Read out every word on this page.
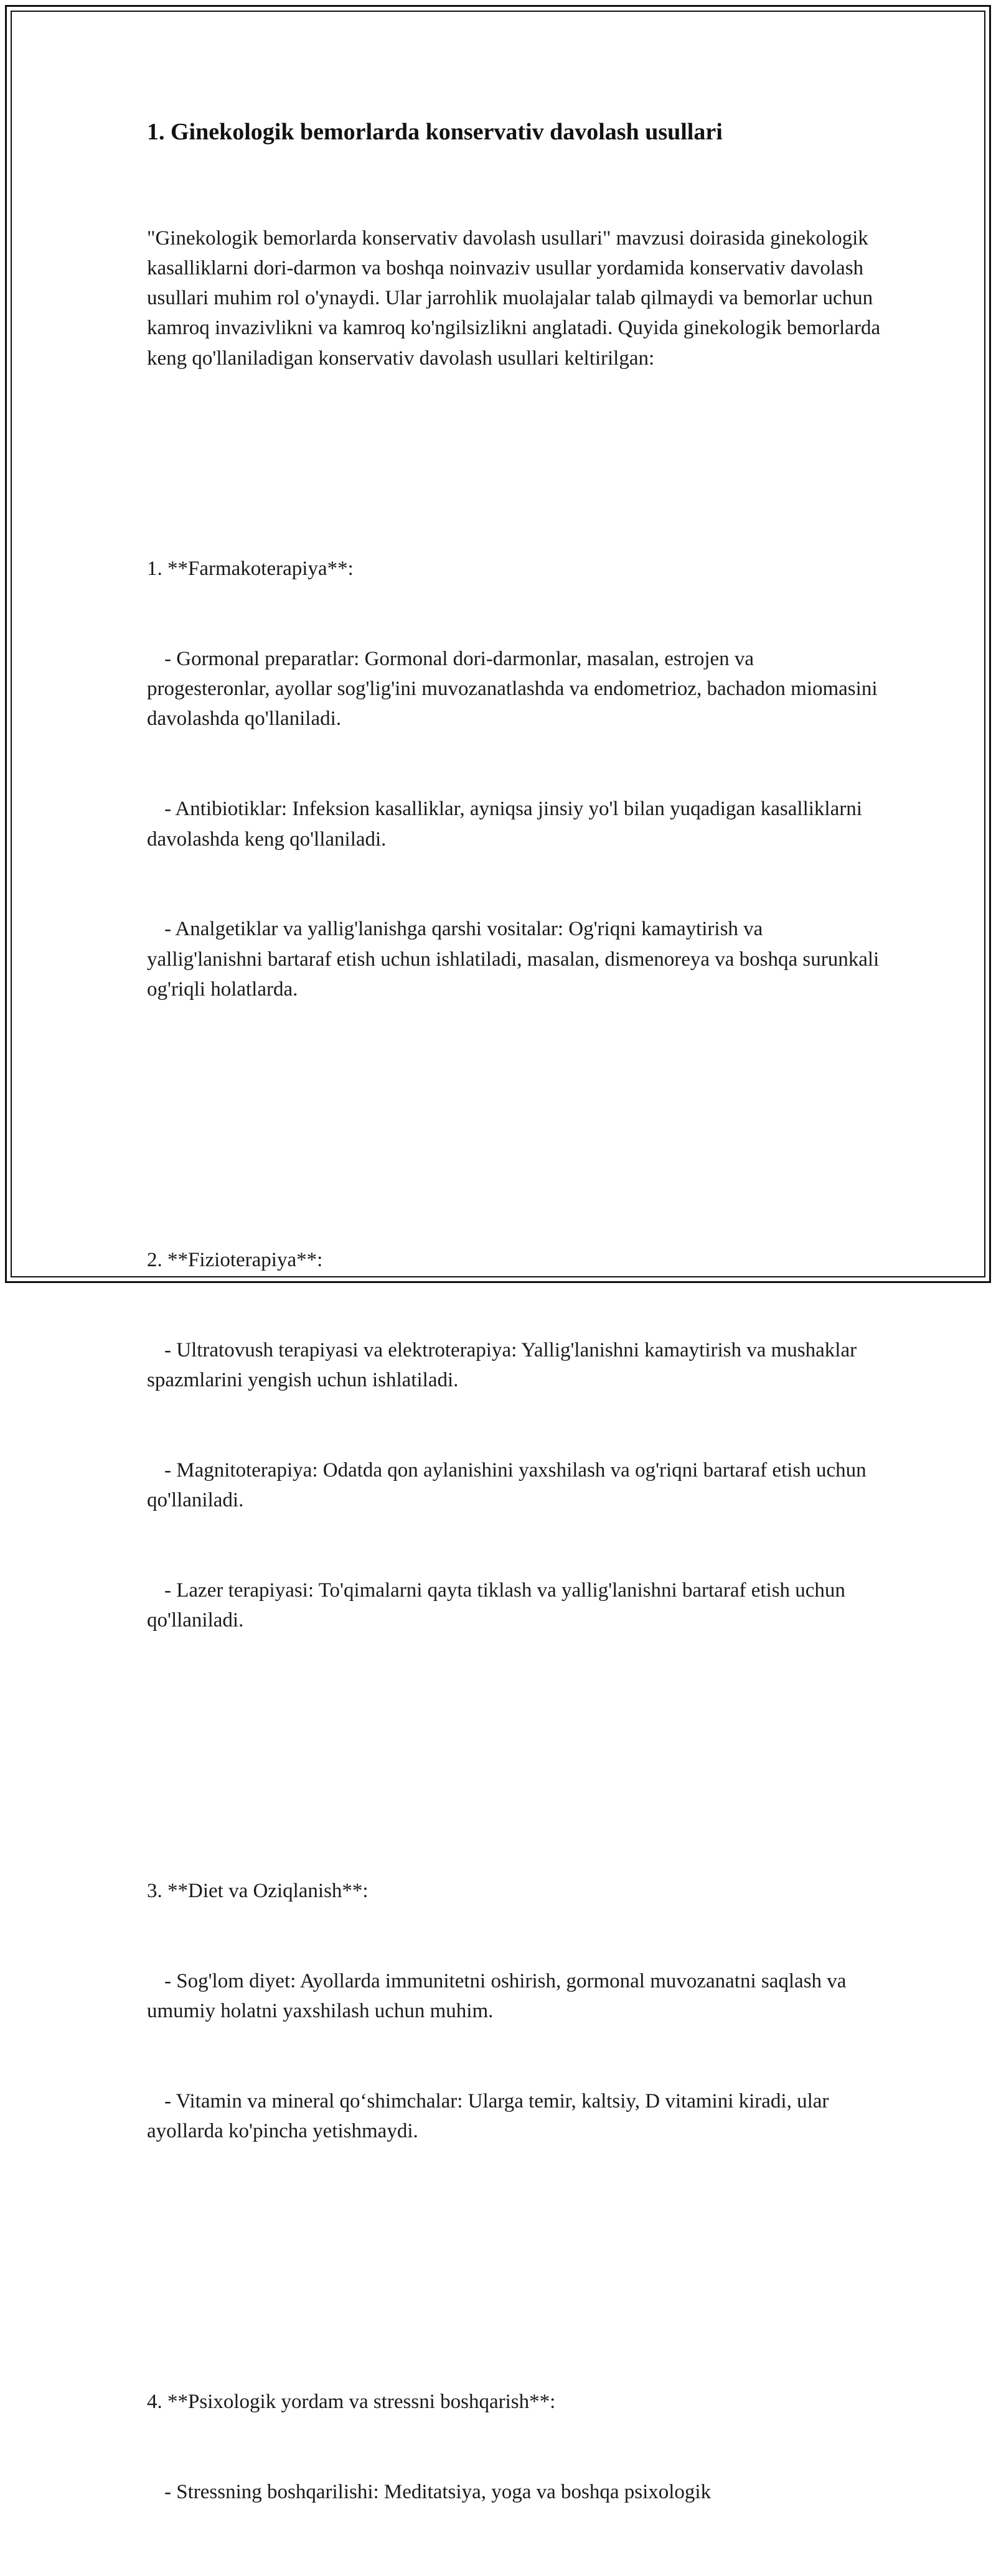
1. Ginekologik bemorlarda konservativ davolash usullari

"Ginekologik bemorlarda konservativ davolash usullari" mavzusi doirasida ginekologik kasalliklarni dori-darmon va boshqa noinvaziv usullar yordamida konservativ davolash usullari muhim rol o'ynaydi. Ular jarrohlik muolajalar talab qilmaydi va bemorlar uchun kamroq invazivlikni va kamroq ko'ngilsizlikni anglatadi. Quyida ginekologik bemorlarda keng qo'llaniladigan konservativ davolash usullari keltirilgan:

1. **Farmakoterapiya**:

- Gormonal preparatlar: Gormonal dori-darmonlar, masalan, estrojen va progesteronlar, ayollar sog'lig'ini muvozanatlashda va endometrioz, bachadon miomasini davolashda qo'llaniladi.

- Antibiotiklar: Infeksion kasalliklar, ayniqsa jinsiy yo'l bilan yuqadigan kasalliklarni davolashda keng qo'llaniladi.

- Analgetiklar va yallig'lanishga qarshi vositalar: Og'riqni kamaytirish va yallig'lanishni bartaraf etish uchun ishlatiladi, masalan, dismenoreya va boshqa surunkali og'riqli holatlarda.

2. **Fizioterapiya**:

- Ultratovush terapiyasi va elektroterapiya: Yallig'lanishni kamaytirish va mushaklar spazmlarini yengish uchun ishlatiladi.

- Magnitoterapiya: Odatda qon aylanishini yaxshilash va og'riqni bartaraf etish uchun qo'llaniladi.

- Lazer terapiyasi: To'qimalarni qayta tiklash va yallig'lanishni bartaraf etish uchun qo'llaniladi.

3. **Diet va Oziqlanish**:

- Sog'lom diyet: Ayollarda immunitetni oshirish, gormonal muvozanatni saqlash va umumiy holatni yaxshilash uchun muhim.

- Vitamin va mineral qo‘shimchalar: Ularga temir, kaltsiy, D vitamini kiradi, ular ayollarda ko'pincha yetishmaydi.

4. **Psixologik yordam va stressni boshqarish**:

- Stressning boshqarilishi: Meditatsiya, yoga va boshqa psixologik
